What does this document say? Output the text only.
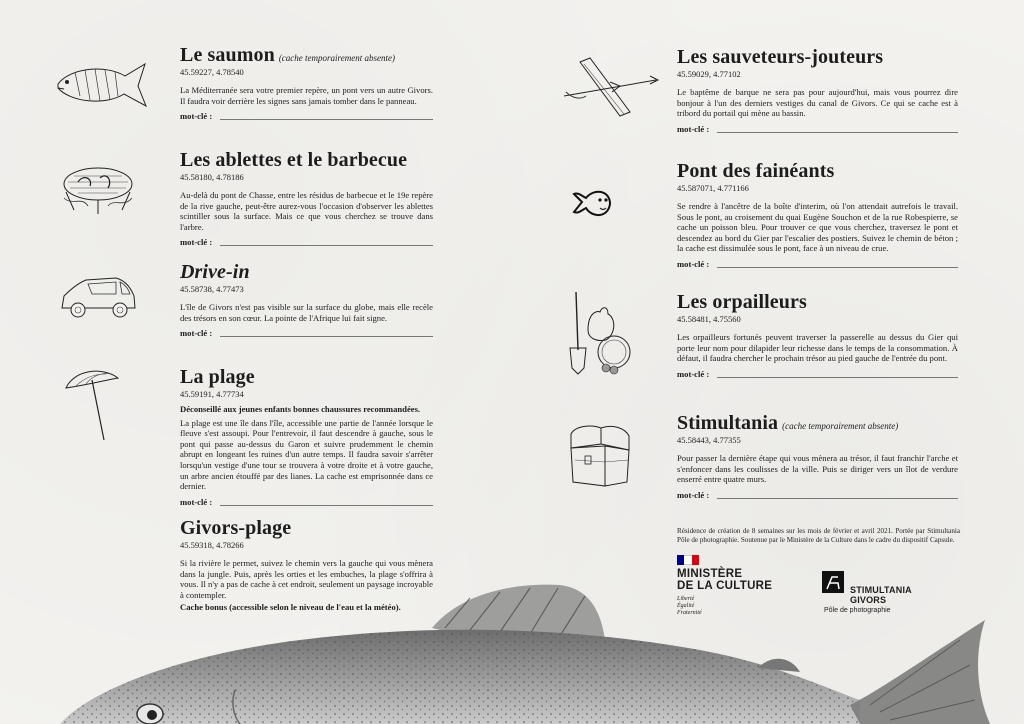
Le saumon (cache temporairement absente)
45.59227, 4.78540
La Méditerranée sera votre premier repère, un pont vers un autre Givors. Il faudra voir derrière les signes sans jamais tomber dans le panneau.
mot-clé :
Les ablettes et le barbecue
45.58180, 4.78186
Au-delà du pont de Chasse, entre les résidus de barbecue et le 19e repère de la rive gauche, peut-être aurez-vous l'occasion d'observer les ablettes scintiller sous la surface. Mais ce que vous cherchez se trouve dans l'arbre.
mot-clé :
Drive-in
45.58738, 4.77473
L'île de Givors n'est pas visible sur la surface du globe, mais elle recèle des trésors en son cœur. La pointe de l'Afrique lui fait signe.
mot-clé :
La plage
45.59191, 4.77734
Déconseillé aux jeunes enfants bonnes chaussures recommandées.
La plage est une île dans l'île, accessible une partie de l'année lorsque le fleuve s'est assoupi. Pour l'entrevoir, il faut descendre à gauche, sous le pont qui passe au-dessus du Garon et suivre prudemment le chemin abrupt en longeant les ruines d'un autre temps. Il faudra savoir s'arrêter lorsqu'un vestige d'une tour se trouvera à votre droite et à votre gauche, un arbre ancien étouffé par des lianes. La cache est emprisonnée dans ce dernier.
mot-clé :
Givors-plage
45.59318, 4.78266
Si la rivière le permet, suivez le chemin vers la gauche qui vous mènera dans la jungle. Puis, après les orties et les embuches, la plage s'offrira à vous. Il n'y a pas de cache à cet endroit, seulement un paysage incroyable à contempler.
Cache bonus (accessible selon le niveau de l'eau et la météo).
Les sauveteurs-jouteurs
45.59029, 4.77102
Le baptême de barque ne sera pas pour aujourd'hui, mais vous pourrez dire bonjour à l'un des derniers vestiges du canal de Givors. Ce qui se cache est à tribord du portail qui mène au bassin.
mot-clé :
Pont des fainéants
45.587071, 4.771166
Se rendre à l'ancêtre de la boîte d'interim, où l'on attendait autrefois le travail. Sous le pont, au croisement du quai Eugène Souchon et de la rue Robespierre, se cache un poisson bleu. Pour trouver ce que vous cherchez, traversez le pont et descendez au bord du Gier par l'escalier des postiers. Suivez le chemin de béton ; la cache est dissimulée sous le pont, face à un niveau de crue.
mot-clé :
Les orpailleurs
45.58481, 4.75560
Les orpailleurs fortunés peuvent traverser la passerelle au dessus du Gier qui porte leur nom pour dilapider leur richesse dans le temps de la consommation. À défaut, il faudra chercher le prochain trésor au pied gauche de l'entrée du pont.
mot-clé :
Stimultania (cache temporairement absente)
45.58443, 4.77355
Pour passer la dernière étape qui vous mènera au trésor, il faut franchir l'arche et s'enfoncer dans les coulisses de la ville. Puis se diriger vers un îlot de verdure enserré entre quatre murs.
mot-clé :
Résidence de création de 8 semaines sur les mois de février et avril 2021. Portée par Stimultania Pôle de photographie. Soutenue par le Ministère de la Culture dans le cadre du dispositif Capsule.
MINISTÈRE
DE LA CULTURE
Liberté
Égalité
Fraternité
STIMULTANIA
GIVORS
Pôle de photographie
